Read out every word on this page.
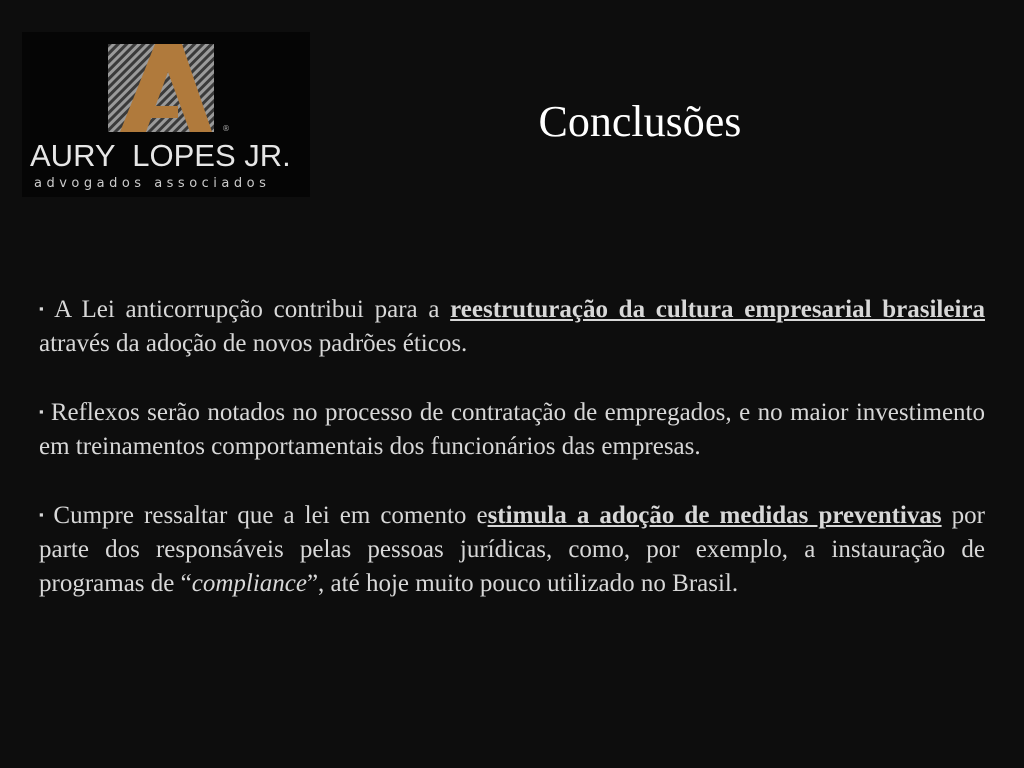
®
AURY  LOPES JR.
advogados associados
Conclusões

▪ A Lei anticorrupção contribui para a reestruturação da cultura empresarial brasileira através da adoção de novos padrões éticos.

▪ Reflexos serão notados no processo de contratação de empregados, e no maior investimento em treinamentos comportamentais dos funcionários das empresas.

▪ Cumpre ressaltar que a lei em comento estimula a adoção de medidas preventivas por parte dos responsáveis pelas pessoas jurídicas, como, por exemplo, a instauração de programas de “compliance”, até hoje muito pouco utilizado no Brasil.
